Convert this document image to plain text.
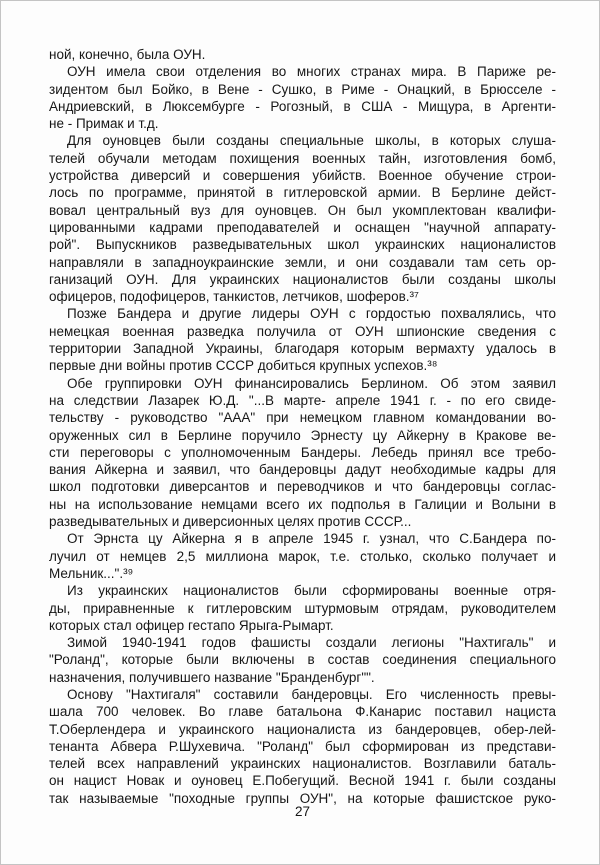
ной, конечно, была ОУН.
ОУН имела свои отделения во многих странах мира. В Париже ре-
зидентом был Бойко, в Вене - Сушко, в Риме - Онацкий, в Брюсселе -
Андриевский, в Люксембурге - Рогозный, в США - Мищура, в Аргенти-
не - Примак и т.д.
Для оуновцев были созданы специальные школы, в которых слуша-
телей обучали методам похищения военных тайн, изготовления бомб,
устройства диверсий и совершения убийств. Военное обучение строи-
лось по программе, принятой в гитлеровской армии. В Берлине дейст-
вовал центральный вуз для оуновцев. Он был укомплектован квалифи-
цированными кадрами преподавателей и оснащен "научной аппарату-
рой". Выпускников разведывательных школ украинских националистов
направляли в западноукраинские земли, и они создавали там сеть ор-
ганизаций ОУН. Для украинских националистов были созданы школы
офицеров, подофицеров, танкистов, летчиков, шоферов.³⁷
Позже Бандера и другие лидеры ОУН с гордостью похвалялись, что
немецкая военная разведка получила от ОУН шпионские сведения с
территории Западной Украины, благодаря которым вермахту удалось в
первые дни войны против СССР добиться крупных успехов.³⁸
Обе группировки ОУН финансировались Берлином. Об этом заявил
на следствии Лазарек Ю.Д. "...В марте- апреле 1941 г. - по его свиде-
тельству - руководство "ААА" при немецком главном командовании во-
оруженных сил в Берлине поручило Эрнесту цу Айкерну в Кракове ве-
сти переговоры с уполномоченным Бандеры. Лебедь принял все требо-
вания Айкерна и заявил, что бандеровцы дадут необходимые кадры для
школ подготовки диверсантов и переводчиков и что бандеровцы соглас-
ны на использование немцами всего их подполья в Галиции и Волыни в
разведывательных и диверсионных целях против СССР...
От Эрнста цу Айкерна я в апреле 1945 г. узнал, что С.Бандера по-
лучил от немцев 2,5 миллиона марок, т.е. столько, сколько получает и
Мельник...".³⁹
Из украинских националистов были сформированы военные отря-
ды, приравненные к гитлеровским штурмовым отрядам, руководителем
которых стал офицер гестапо Ярыга-Рымарт.
Зимой 1940-1941 годов фашисты создали легионы "Нахтигаль" и
"Роланд", которые были включены в состав соединения специального
назначения, получившего название "Бранденбург"".
Основу "Нахтигаля" составили бандеровцы. Его численность превы-
шала 700 человек. Во главе батальона Ф.Канарис поставил нациста
Т.Оберлендера и украинского националиста из бандеровцев, обер-лей-
тенанта Абвера Р.Шухевича. "Роланд" был сформирован из представи-
телей всех направлений украинских националистов. Возглавили баталь-
он нацист Новак и оуновец Е.Побегущий. Весной 1941 г. были созданы
так называемые "походные группы ОУН", на которые фашистское руко-
27
